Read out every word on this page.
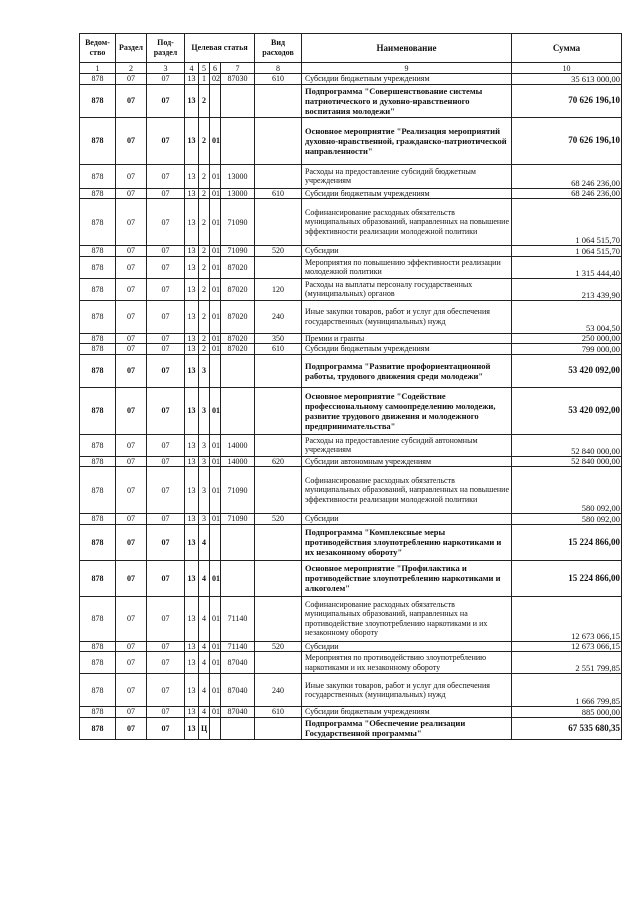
Ведом-ство	Раздел	Под-раздел	Целевая статья				Вид расходов	Наименование	Сумма
1	2	3	4	5	6	7	8	9	10
878	07	07	13	1	02	87030	610	Субсидии бюджетным учреждениям	35 613 000,00
878	07	07	13	2				Подпрограмма "Совершенствование системы патриотического и духовно-нравственного воспитания молодежи"	70 626 196,10
878	07	07	13	2	01			Основное мероприятие "Реализация мероприятий духовно-нравственной, гражданско-патриотической направленности"	70 626 196,10
878	07	07	13	2	01	13000		Расходы на предоставление субсидий бюджетным учреждениям	68 246 236,00
878	07	07	13	2	01	13000	610	Субсидии бюджетным учреждениям	68 246 236,00
878	07	07	13	2	01	71090		Софинансирование расходных обязательств муниципальных образований, направленных на повышение эффективности реализации молодежной политики	1 064 515,70
878	07	07	13	2	01	71090	520	Субсидии	1 064 515,70
878	07	07	13	2	01	87020		Мероприятия по повышению эффективности реализации молодежной политики	1 315 444,40
878	07	07	13	2	01	87020	120	Расходы на выплаты персоналу государственных (муниципальных) органов	213 439,90
878	07	07	13	2	01	87020	240	Иные закупки товаров, работ и услуг для обеспечения государственных (муниципальных) нужд	53 004,50
878	07	07	13	2	01	87020	350	Премии и гранты	250 000,00
878	07	07	13	2	01	87020	610	Субсидии бюджетным учреждениям	799 000,00
878	07	07	13	3				Подпрограмма "Развитие профориентационной работы, трудового движения среди молодежи"	53 420 092,00
878	07	07	13	3	01			Основное мероприятие "Содействие профессиональному самоопределению молодежи, развитие трудового движения и молодежного предпринимательства"	53 420 092,00
878	07	07	13	3	01	14000		Расходы на предоставление субсидий автономным учреждениям	52 840 000,00
878	07	07	13	3	01	14000	620	Субсидии автономным учреждениям	52 840 000,00
878	07	07	13	3	01	71090		Софинансирование расходных обязательств муниципальных образований, направленных на повышение эффективности реализации молодежной политики	580 092,00
878	07	07	13	3	01	71090	520	Субсидии	580 092,00
878	07	07	13	4				Подпрограмма "Комплексные меры противодействия злоупотреблению наркотиками и их незаконному обороту"	15 224 866,00
878	07	07	13	4	01			Основное мероприятие "Профилактика и противодействие злоупотреблению наркотиками и алкоголем"	15 224 866,00
878	07	07	13	4	01	71140		Софинансирование расходных обязательств муниципальных образований, направленных на противодействие злоупотреблению наркотиками и их незаконному обороту	12 673 066,15
878	07	07	13	4	01	71140	520	Субсидии	12 673 066,15
878	07	07	13	4	01	87040		Мероприятия по противодействию злоупотреблению наркотиками и их незаконному обороту	2 551 799,85
878	07	07	13	4	01	87040	240	Иные закупки товаров, работ и услуг для обеспечения государственных (муниципальных) нужд	1 666 799,85
878	07	07	13	4	01	87040	610	Субсидии бюджетным учреждениям	885 000,00
878	07	07	13	Ц				Подпрограмма "Обеспечение реализации Государственной программы"	67 535 680,35
